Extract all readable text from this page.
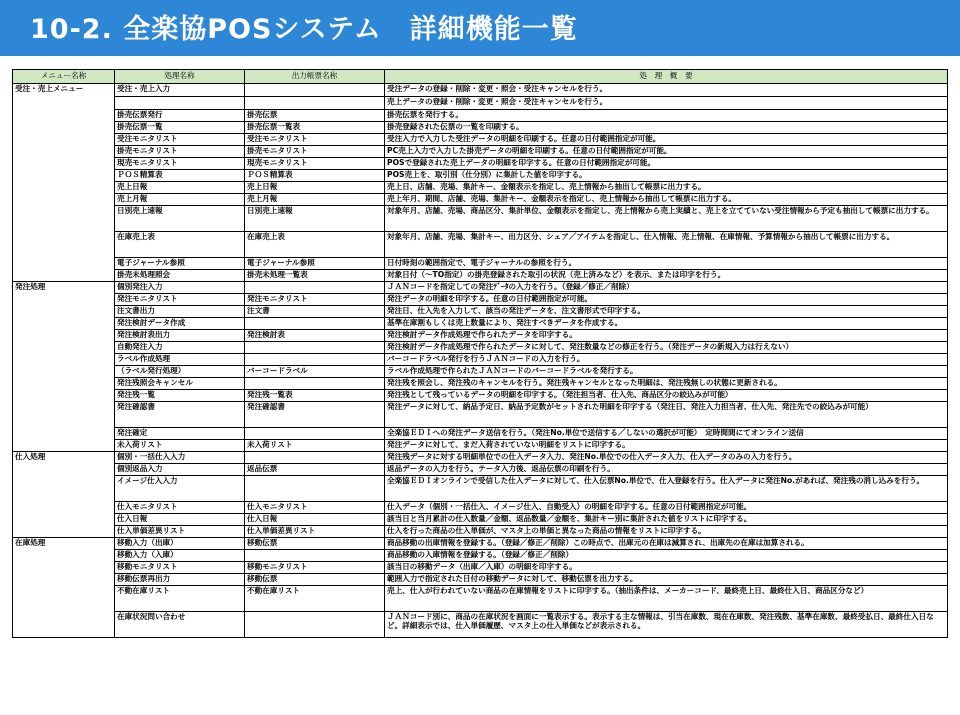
10-2. 全楽協POSシステム　詳細機能一覧
メニュー名称	処理名称	出力帳票名称	処　理　概　要
受注・売上メニュー	受注・売上入力		受注データの登録・削除・変更・照会・受注キャンセルを行う。
			売上データの登録・削除・変更・照会・受注キャンセルを行う。
	掛売伝票発行	掛売伝票	掛売伝票を発行する。
	掛売伝票一覧	掛売伝票一覧表	掛売登録された伝票の一覧を印刷する。
	受注モニタリスト	受注モニタリスト	受注入力で入力した受注データの明細を印刷する。任意の日付範囲指定が可能。
	掛売モニタリスト	掛売モニタリスト	PC売上入力で入力した掛売データの明細を印刷する。任意の日付範囲指定が可能。
	現売モニタリスト	現売モニタリスト	POSで登録された売上データの明細を印字する。任意の日付範囲指定が可能。
	ＰＯＳ精算表	ＰＯＳ精算表	POS売上を、取引別（仕分別）に集計した値を印字する。
	売上日報	売上日報	売上日、店舗、売場、集計キー、金額表示を指定し、売上情報から抽出して帳票に出力する。
	売上月報	売上月報	売上年月、期間、店舗、売場、集計キー、金額表示を指定し、売上情報から抽出して帳票に出力する。
	日別売上速報	日別売上速報	対象年月、店舗、売場、商品区分、集計単位、金額表示を指定し、売上情報から売上実績と、売上を立てていない受注情報から予定も抽出して帳票に出力する。
	在庫売上表	在庫売上表	対象年月、店舗、売場、集計キー、出力区分、シェア／アイテムを指定し、仕入情報、売上情報、在庫情報、予算情報から抽出して帳票に出力する。
	電子ジャーナル参照	電子ジャーナル参照	日付時刻の範囲指定で、電子ジャーナルの参照を行う。
	掛売未処理照会	掛売未処理一覧表	対象日付（～TO指定）の掛売登録された取引の状況（売上済みなど）を表示、または印字を行う。
発注処理	個別発注入力		ＪＡＮコードを指定しての発注ﾃﾞｰﾀの入力を行う。（登録／修正／削除）
	発注モニタリスト	発注モニタリスト	発注データの明細を印字する。任意の日付範囲指定が可能。
	注文書出力	注文書	発注日、仕入先を入力して、該当の発注データを、注文書形式で印字する。
	発注検討データ作成		基準在庫割もしくは売上数量により、発注すべきデータを作成する。
	発注検討表出力	発注検討表	発注検討データ作成処理で作られたデータを印字する。
	自動発注入力		発注検討データ作成処理で作られたデータに対して、発注数量などの修正を行う。（発注データの新規入力は行えない）
	ラベル作成処理		バーコードラベル発行を行うＪＡＮコードの入力を行う。
	（ラベル発行処理）	バーコードラベル	ラベル作成処理で作られたＪＡＮコードのバーコードラベルを発行する。
	発注残照会キャンセル		発注残を照会し、発注残のキャンセルを行う。発注残キャンセルとなった明細は、発注残無しの状態に更新される。
	発注残一覧	発注残一覧表	発注残として残っているデータの明細を印字する。（発注担当者、仕入先、商品区分の絞込みが可能）
	発注確認書	発注確認書	発注データに対して、納品予定日、納品予定数がセットされた明細を印字する（発注日、発注入力担当者、仕入先、発注先での絞込みが可能）
	発注確定		全楽協ＥＤＩへの発注データ送信を行う。（発注No.単位で送信する／しないの選択が可能）　定時間間にてオンライン送信
	未入荷リスト	未入荷リスト	発注データに対して、まだ入荷されていない明細をリストに印字する。
仕入処理	個別・一括仕入入力		発注残データに対する明細単位での仕入データ入力、発注No.単位での仕入データ入力、仕入データのみの入力を行う。
	個別返品入力	返品伝票	返品データの入力を行う。テータ入力後、返品伝票の印刷を行う。
	イメージ仕入入力		全楽協ＥＤＩオンラインで受信した仕入データに対して、仕入伝票No.単位で、仕入登録を行う。仕入データに発注No.があれば、発注残の消し込みを行う。
	仕入モニタリスト	仕入モニタリスト	仕入データ（個別・一括仕入、イメージ仕入、自動受入）の明細を印字する。任意の日付範囲指定が可能。
	仕入日報	仕入日報	該当日と当月累計の仕入数量／金額、返品数量／金額を、集計キー別に集計された値をリストに印字する。
	仕入単価差異リスト	仕入単価差異リスト	仕入を行った商品の仕入単価が、マスタ上の単価と異なった商品の情報をリストに印字する。
在庫処理	移動入力（出庫）	移動伝票	商品移動の出庫情報を登録する。（登録／修正／削除）この時点で、出庫元の在庫は減算され、出庫先の在庫は加算される。
	移動入力（入庫）		商品移動の入庫情報を登録する。（登録／修正／削除）
	移動モニタリスト	移動モニタリスト	該当日の移動データ（出庫／入庫）の明細を印字する。
	移動伝票再出力	移動伝票	範囲入力で指定された日付の移動データに対して、移動伝票を出力する。
	不動在庫リスト	不動在庫リスト	売上、仕入が行われていない商品の在庫情報をリストに印字する。（抽出条件は、メーカーコード、最終売上日、最終仕入日、商品区分など）
	在庫状況問い合わせ		ＪＡＮコード別に、商品の在庫状況を画面に一覧表示する。表示する主な情報は、引当在庫数、現在在庫数、発注残数、基準在庫数、最終受払日、最終仕入日など。詳細表示では、仕入単価履歴、マスタ上の仕入単価などが表示される。
